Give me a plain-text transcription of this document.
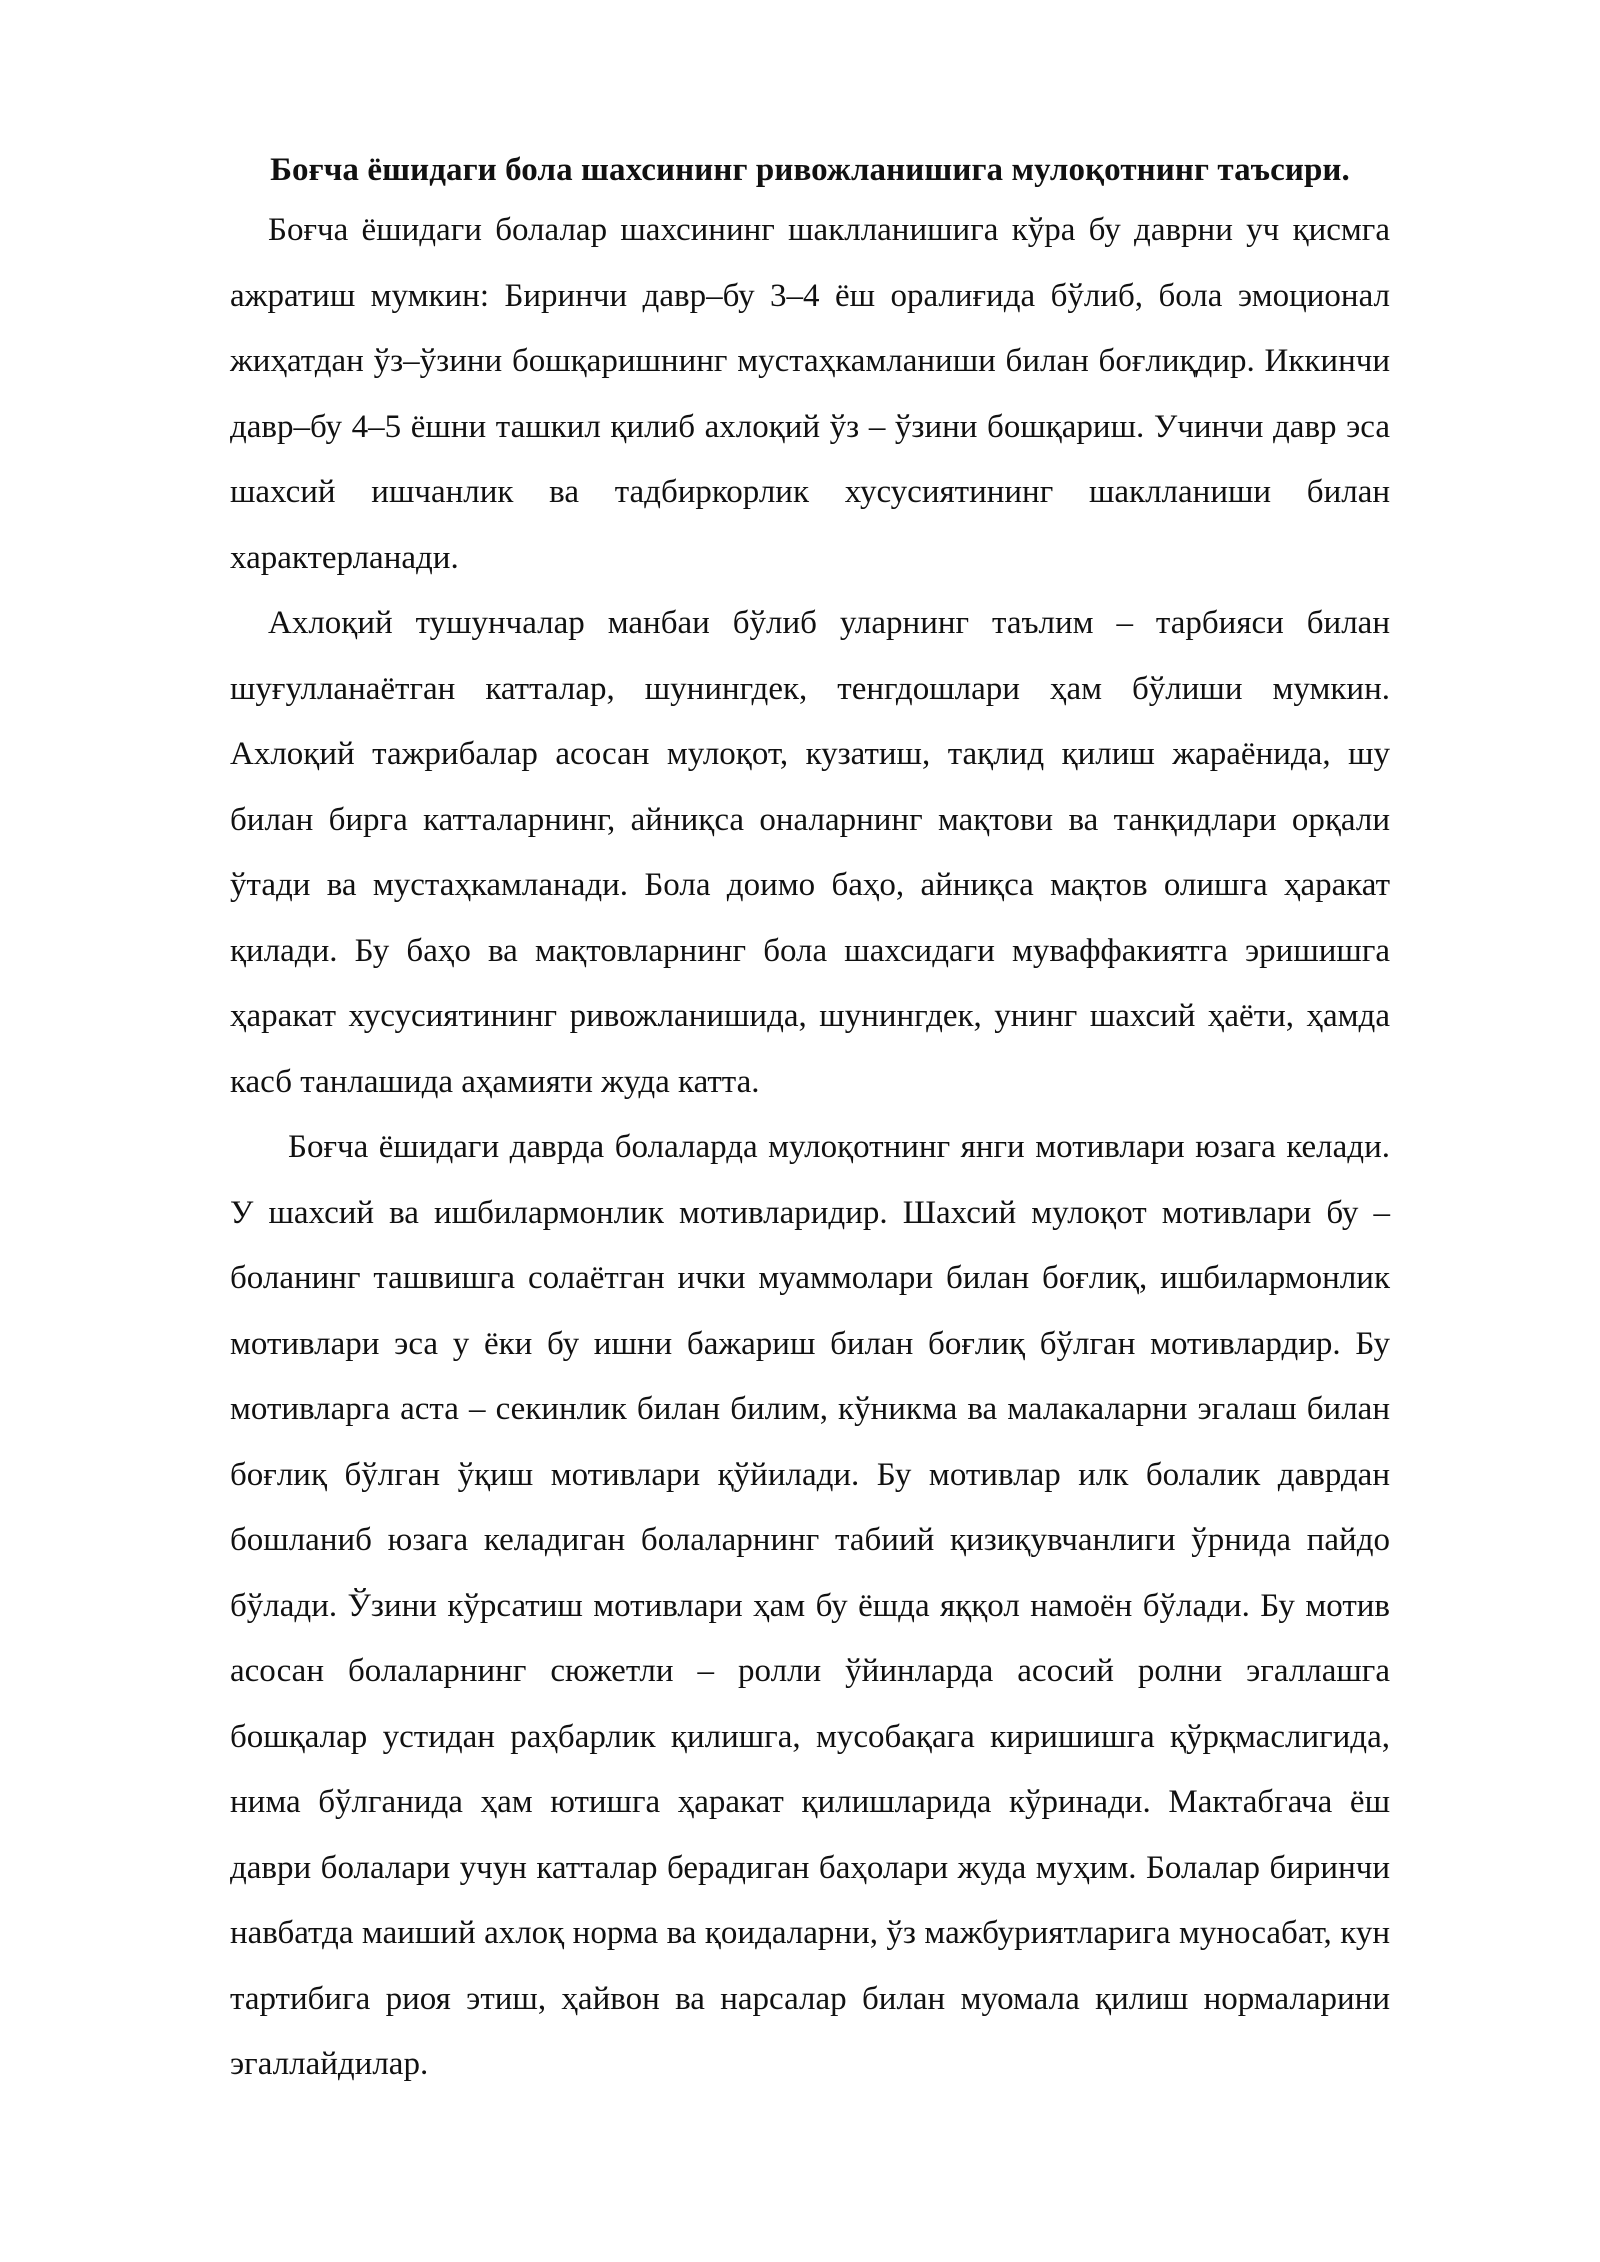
Боғча ёшидаги бола шахсининг ривожланишига мулоқотнинг таъсири.

Боғча ёшидаги болалар шахсининг шаклланишига кўра бу даврни уч қисмга ажратиш мумкин: Биринчи давр–бу 3–4 ёш оралиғида бўлиб, бола эмоционал жиҳатдан ўз–ўзини бошқаришнинг мустаҳкамланиши билан боғлиқдир. Иккинчи давр–бу 4–5 ёшни ташкил қилиб ахлоқий ўз – ўзини бошқариш. Учинчи давр эса шахсий ишчанлик ва тадбиркорлик хусусиятининг шаклланиши билан характерланади.

Ахлоқий тушунчалар манбаи бўлиб уларнинг таълим – тарбияси билан шуғулланаётган катталар, шунингдек, тенгдошлари ҳам бўлиши мумкин. Ахлоқий тажрибалар асосан мулоқот, кузатиш, тақлид қилиш жараёнида, шу билан бирга катталарнинг, айниқса оналарнинг мақтови ва танқидлари орқали ўтади ва мустаҳкамланади. Бола доимо баҳо, айниқса мақтов олишга ҳаракат қилади. Бу баҳо ва мақтовларнинг бола шахсидаги муваффакиятга эришишга ҳаракат хусусиятининг ривожланишида, шунингдек, унинг шахсий ҳаёти, ҳамда касб танлашида аҳамияти жуда катта.

Боғча ёшидаги даврда болаларда мулоқотнинг янги мотивлари юзага келади. У шахсий ва ишбилармонлик мотивларидир. Шахсий мулоқот мотивлари бу –боланинг ташвишга солаётган ички муаммолари билан боғлиқ, ишбилармонлик мотивлари эса у ёки бу ишни бажариш билан боғлиқ бўлган мотивлардир. Бу мотивларга аста – секинлик билан билим, кўникма ва малакаларни эгалаш билан боғлиқ бўлган ўқиш мотивлари қўйилади. Бу мотивлар илк болалик даврдан бошланиб юзага келадиган болаларнинг табиий қизиқувчанлиги ўрнида пайдо бўлади. Ўзини кўрсатиш мотивлари ҳам бу ёшда яққол намоён бўлади. Бу мотив асосан болаларнинг сюжетли – ролли ўйинларда асосий ролни эгаллашга бошқалар устидан раҳбарлик қилишга, мусобақага киришишга қўрқмаслигида, нима бўлганида ҳам ютишга ҳаракат қилишларида кўринади. Мактабгача ёш даври болалари учун катталар берадиган баҳолари жуда муҳим. Болалар биринчи навбатда маиший ахлоқ норма ва қоидаларни, ўз мажбуриятларига муносабат, кун тартибига риоя этиш, ҳайвон ва нарсалар билан муомала қилиш нормаларини эгаллайдилар.
